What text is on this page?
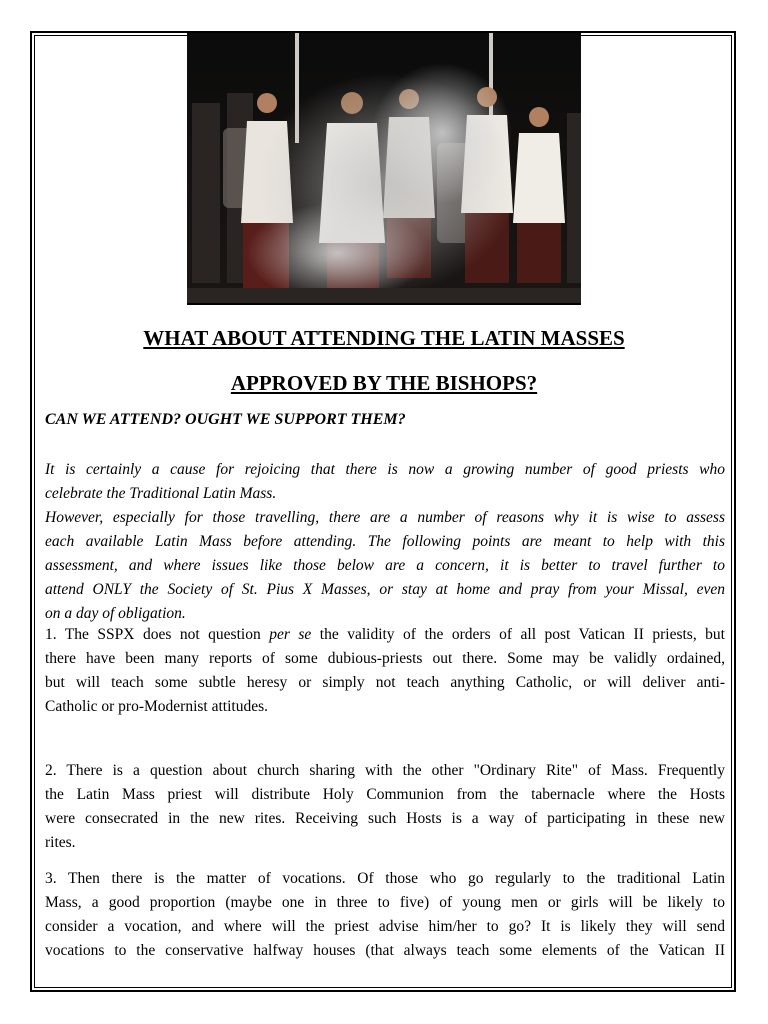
WHAT ABOUT ATTENDING THE LATIN MASSES
APPROVED BY THE BISHOPS?

CAN WE ATTEND? OUGHT WE SUPPORT THEM?

It is certainly a cause for rejoicing that there is now a growing number of good priests who
celebrate the Traditional Latin Mass.
However, especially for those travelling, there are a number of reasons why it is wise to assess
each available Latin Mass before attending. The following points are meant to help with this
assessment, and where issues like those below are a concern, it is better to travel further to
attend ONLY the Society of St. Pius X Masses, or stay at home and pray from your Missal, even
on a day of obligation.
1. The SSPX does not question per se the validity of the orders of all post Vatican II priests, but
there have been many reports of some dubious-priests out there. Some may be validly ordained,
but will teach some subtle heresy or simply not teach anything Catholic, or will deliver anti-
Catholic or pro-Modernist attitudes.
2. There is a question about church sharing with the other "Ordinary Rite" of Mass. Frequently
the Latin Mass priest will distribute Holy Communion from the tabernacle where the Hosts
were consecrated in the new rites. Receiving such Hosts is a way of participating in these new
rites.
3. Then there is the matter of vocations. Of those who go regularly to the traditional Latin
Mass, a good proportion (maybe one in three to five) of young men or girls will be likely to
consider a vocation, and where will the priest advise him/her to go? It is likely they will send
vocations to the conservative halfway houses (that always teach some elements of the Vatican II
